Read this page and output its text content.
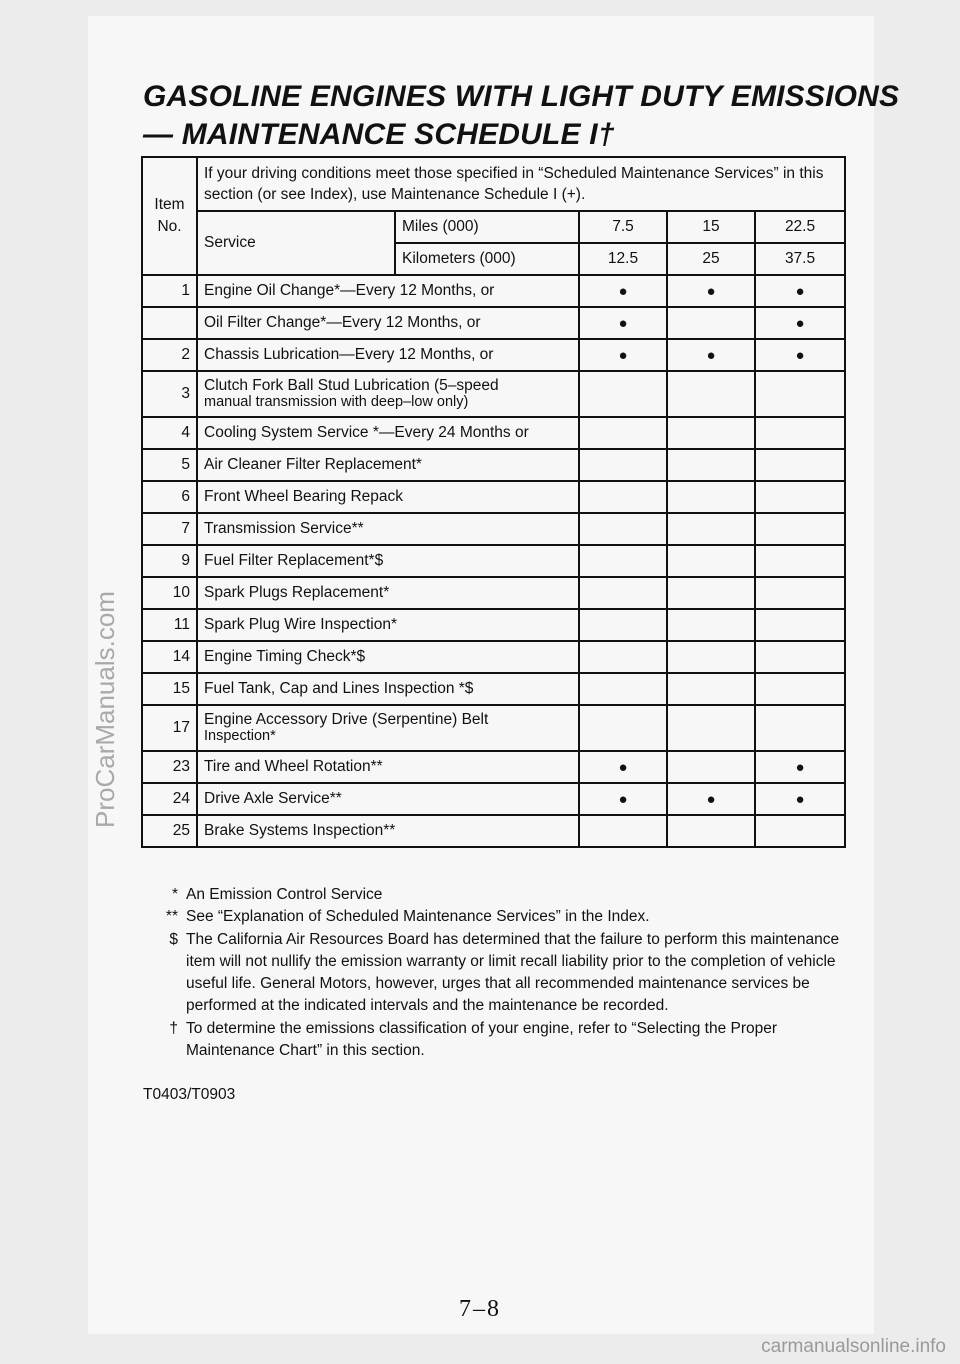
GASOLINE ENGINES WITH LIGHT DUTY EMISSIONS
— MAINTENANCE SCHEDULE I†
Item No.	If your driving conditions meet those specified in “Scheduled Maintenance Services” in this section (or see Index), use Maintenance Schedule I (+).				
	Service	Miles (000)	7.5	15	22.5
		Kilometers (000)	12.5	25	37.5
1	Engine Oil Change*—Every 12 Months, or		●	●	●
	Oil Filter Change*—Every 12 Months, or		●		●
2	Chassis Lubrication—Every 12 Months, or		●	●	●
3	Clutch Fork Ball Stud Lubrication (5–speed
manual transmission with deep–low only)				

4	Cooling System Service *—Every 24 Months or				
5	Air Cleaner Filter Replacement*				
6	Front Wheel Bearing Repack				
7	Transmission Service**				
9	Fuel Filter Replacement*$				
10	Spark Plugs Replacement*				
11	Spark Plug Wire Inspection*				
14	Engine Timing Check*$				
15	Fuel Tank, Cap and Lines Inspection *$				
17	Engine Accessory Drive (Serpentine) Belt
Inspection*				

23	Tire and Wheel Rotation**		●		●
24	Drive Axle Service**		●	●	●
25	Brake Systems Inspection**				
* An Emission Control Service
** See “Explanation of Scheduled Maintenance Services” in the Index.
$ The California Air Resources Board has determined that the failure to perform this maintenance item will not nullify the emission warranty or limit recall liability prior to the completion of vehicle useful life. General Motors, however, urges that all recommended maintenance services be performed at the indicated intervals and the maintenance be recorded.
† To determine the emissions classification of your engine, refer to “Selecting the Proper Maintenance Chart” in this section.
T0403/T0903
7–8
ProCarManuals.com
carmanualsonline.info
